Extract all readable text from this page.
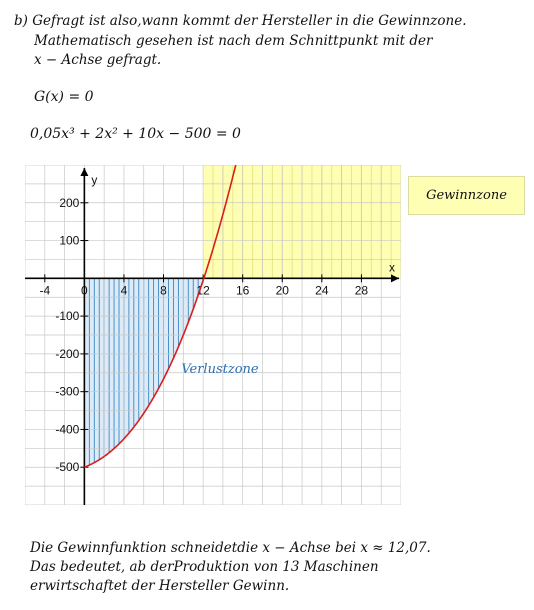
b) Gefragt ist also,wann kommt der Hersteller in die Gewinnzone.
Mathematisch gesehen ist nach dem Schnittpunkt mit der
x − Achse gefragt.
G(x) = 0
0,05x³ + 2x² + 10x − 500 = 0
-4	0	4	8 12 16 20 24 28
200
100
-100
-200
-300
-400
-500
x
y
Verlustzone
Gewinnzone
Die Gewinnfunktion schneidetdie x − Achse bei x ≈ 12,07.
Das bedeutet, ab derProduktion von 13 Maschinen
erwirtschaftet der Hersteller Gewinn.
